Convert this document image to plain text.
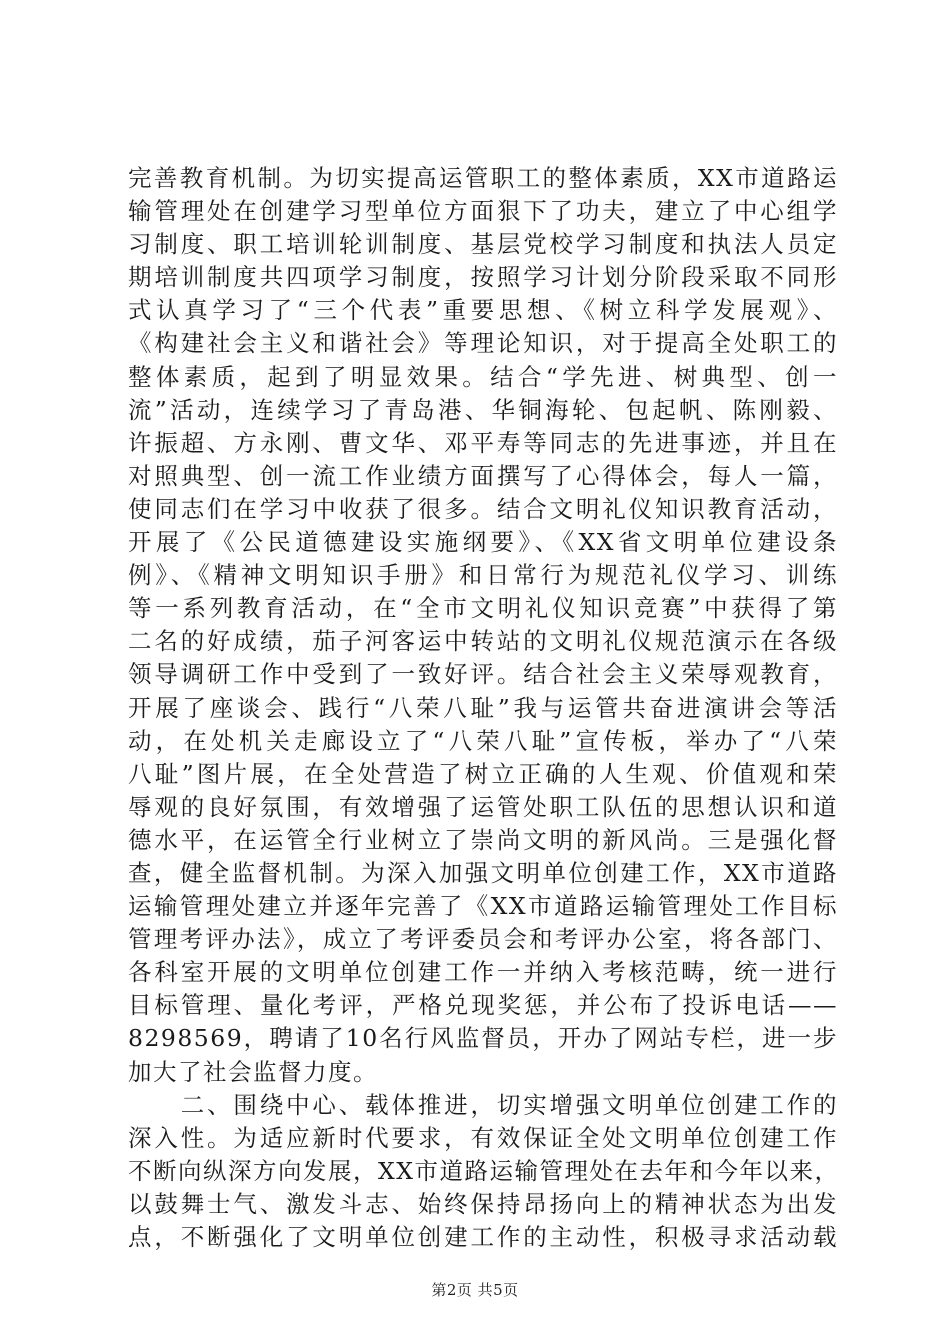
完善教育机制。为切实提高运管职工的整体素质，XX市道路运
输管理处在创建学习型单位方面狠下了功夫，建立了中心组学
习制度、职工培训轮训制度、基层党校学习制度和执法人员定
期培训制度共四项学习制度，按照学习计划分阶段采取不同形
式认真学习了“三个代表”重要思想、《树立科学发展观》、
《构建社会主义和谐社会》等理论知识，对于提高全处职工的
整体素质，起到了明显效果。结合“学先进、树典型、创一
流”活动，连续学习了青岛港、华铜海轮、包起帆、陈刚毅、
许振超、方永刚、曹文华、邓平寿等同志的先进事迹，并且在
对照典型、创一流工作业绩方面撰写了心得体会，每人一篇，
使同志们在学习中收获了很多。结合文明礼仪知识教育活动，
开展了《公民道德建设实施纲要》、《XX省文明单位建设条
例》、《精神文明知识手册》和日常行为规范礼仪学习、训练
等一系列教育活动，在“全市文明礼仪知识竞赛”中获得了第
二名的好成绩，茄子河客运中转站的文明礼仪规范演示在各级
领导调研工作中受到了一致好评。结合社会主义荣辱观教育，
开展了座谈会、践行“八荣八耻”我与运管共奋进演讲会等活
动，在处机关走廊设立了“八荣八耻”宣传板，举办了“八荣
八耻”图片展，在全处营造了树立正确的人生观、价值观和荣
辱观的良好氛围，有效增强了运管处职工队伍的思想认识和道
德水平，在运管全行业树立了崇尚文明的新风尚。三是强化督
查，健全监督机制。为深入加强文明单位创建工作，XX市道路
运输管理处建立并逐年完善了《XX市道路运输管理处工作目标
管理考评办法》，成立了考评委员会和考评办公室，将各部门、
各科室开展的文明单位创建工作一并纳入考核范畴，统一进行
目标管理、量化考评，严格兑现奖惩，并公布了投诉电话——
8298569，聘请了10名行风监督员，开办了网站专栏，进一步
加大了社会监督力度。
　　二、围绕中心、载体推进，切实增强文明单位创建工作的
深入性。为适应新时代要求，有效保证全处文明单位创建工作
不断向纵深方向发展，XX市道路运输管理处在去年和今年以来，
以鼓舞士气、激发斗志、始终保持昂扬向上的精神状态为出发
点，不断强化了文明单位创建工作的主动性，积极寻求活动载
第2页 共5页
